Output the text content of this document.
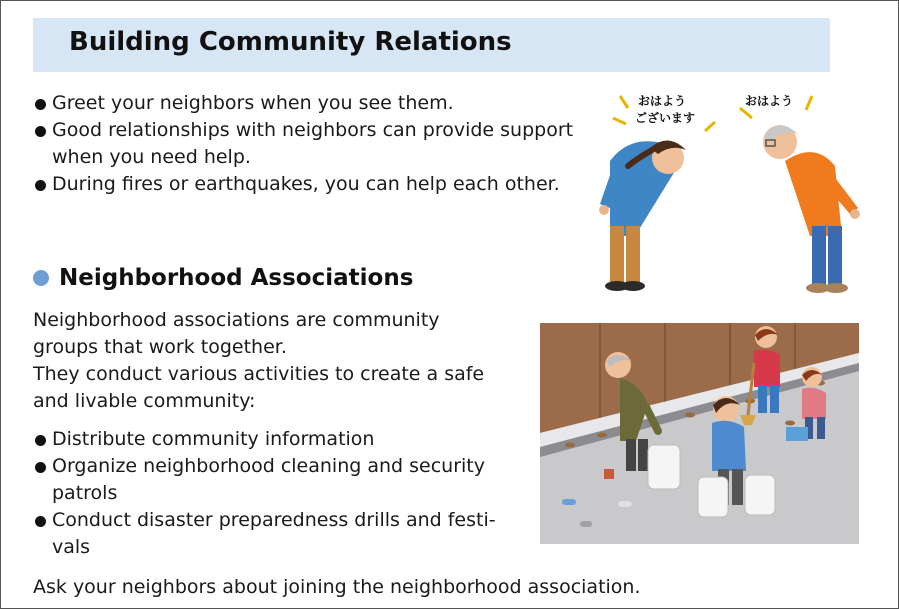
Building Community Relations
Greet your neighbors when you see them.
Good relationships with neighbors can provide support
when you need help.
During fires or earthquakes, you can help each other.
Neighborhood Associations

Neighborhood associations are community
groups that work together.
They conduct various activities to create a safe
and livable community:

Distribute community information
Organize neighborhood cleaning and security
patrols
Conduct disaster preparedness drills and festi-
vals

Ask your neighbors about joining the neighborhood association.

おはよう
ございます
おはよう
